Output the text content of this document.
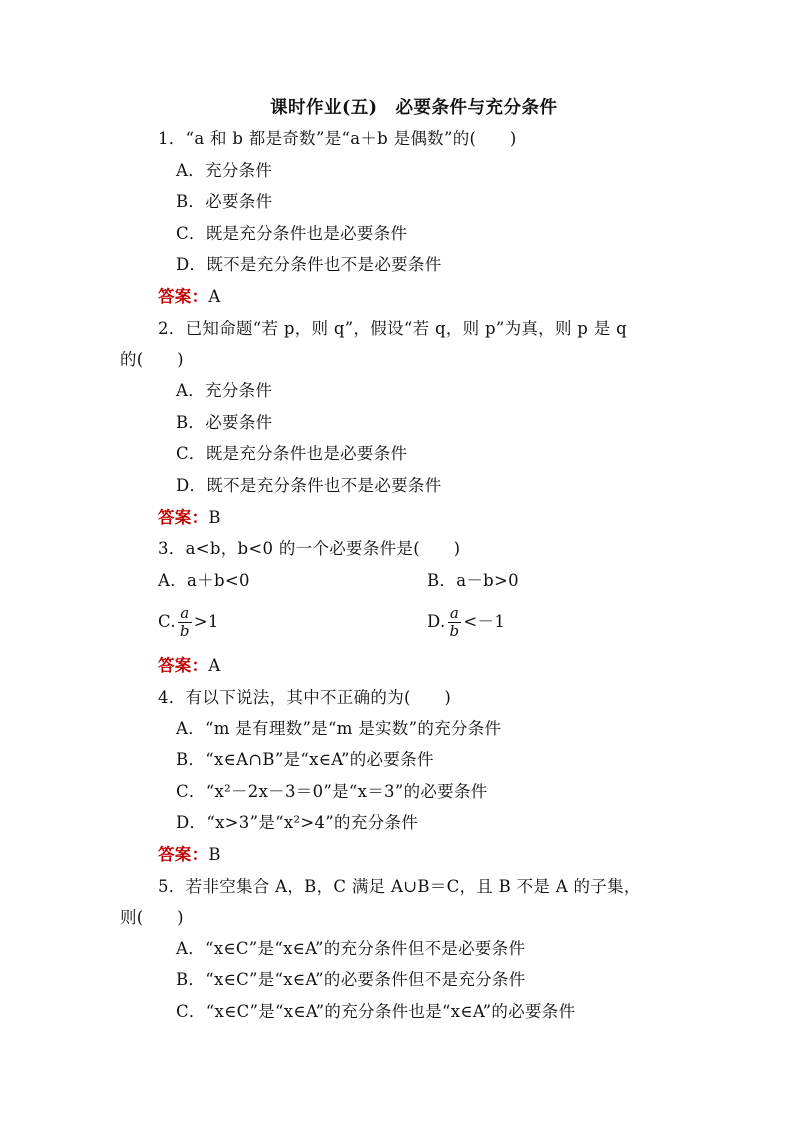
课时作业(五)　必要条件与充分条件
1．“a 和 b 都是奇数”是“a＋b 是偶数”的(　　)
A．充分条件
B．必要条件
C．既是充分条件也是必要条件
D．既不是充分条件也不是必要条件
答案：A
2．已知命题“若 p，则 q”，假设“若 q，则 p”为真，则 p 是 q
的(　　)
A．充分条件
B．必要条件
C．既是充分条件也是必要条件
D．既不是充分条件也不是必要条件
答案：B
3．a<b，b<0 的一个必要条件是(　　)
A．a＋b<0	B．a－b>0
C. $\frac{a}{b} >1$	D. $\frac{a}{b} <-1$
答案：A
4．有以下说法，其中不正确的为(　　)
A．“m 是有理数”是“m 是实数”的充分条件
B．“x∈A∩B”是“x∈A”的必要条件
C．“x²－2x－3＝0”是“x＝3”的必要条件
D．“x>3”是“x²>4”的充分条件
答案：B
5．若非空集合 A，B，C 满足 A∪B＝C，且 B 不是 A 的子集，
则(　　)
A．“x∈C”是“x∈A”的充分条件但不是必要条件
B．“x∈C”是“x∈A”的必要条件但不是充分条件
C．“x∈C”是“x∈A”的充分条件也是“x∈A”的必要条件
